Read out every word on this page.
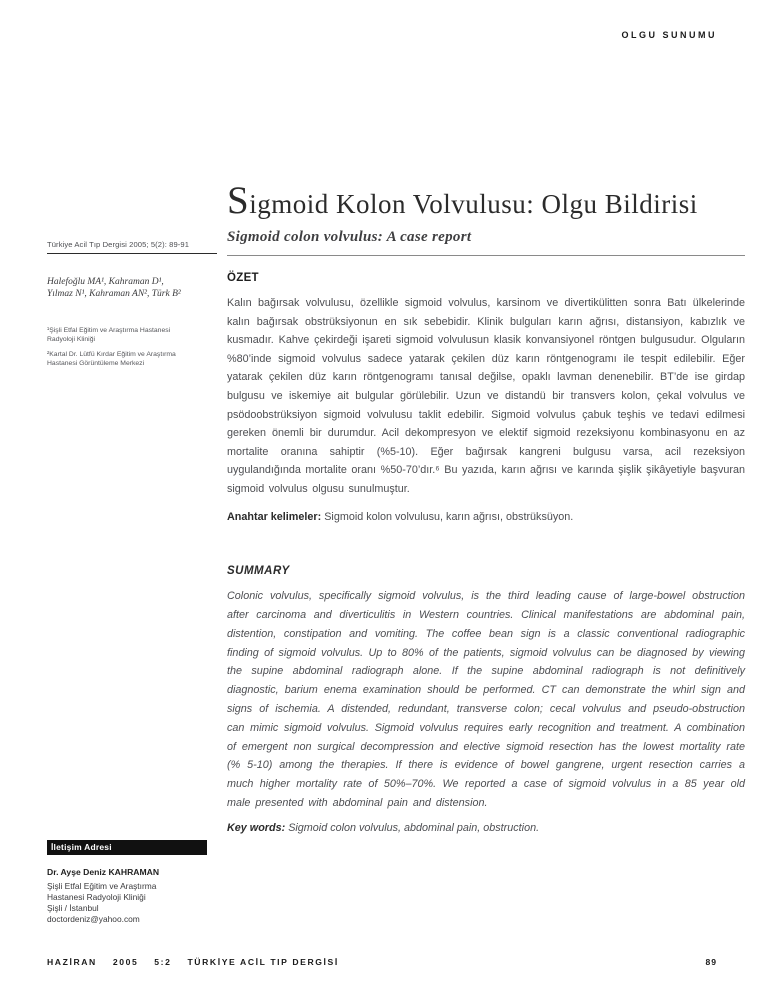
OLGU SUNUMU
Sigmoid Kolon Volvulusu: Olgu Bildirisi
Sigmoid colon volvulus: A case report
Türkiye Acil Tıp Dergisi 2005; 5(2): 89-91
Halefoğlu MA¹, Kahraman D¹,
Yılmaz N¹, Kahraman AN², Türk B²
¹Şişli Etfal Eğitim ve Araştırma Hastanesi
Radyoloji Kliniği
²Kartal Dr. Lütfü Kırdar Eğitim ve Araştırma
Hastanesi Görüntüleme Merkezi
ÖZET

Kalın bağırsak volvulusu, özellikle sigmoid volvulus, karsinom ve divertikülitten sonra Batı ülkelerinde kalın bağırsak obstrüksiyonun en sık sebebidir. Klinik bulguları karın ağrısı, distansiyon, kabızlık ve kusmadır. Kahve çekirdeği işareti sigmoid volvulusun klasik konvansiyonel röntgen bulgusudur. Olguların %80’inde sigmoid volvulus sadece yatarak çekilen düz karın röntgenogramı ile tespit edilebilir. Eğer yatarak çekilen düz karın röntgenogramı tanısal değilse, opaklı lavman denenebilir. BT’de ise girdap bulgusu ve iskemiye ait bulgular görülebilir. Uzun ve distandü bir transvers kolon, çekal volvulus ve psödoobstrüksiyon sigmoid volvulusu taklit edebilir. Sigmoid volvulus çabuk teşhis ve tedavi edilmesi gereken önemli bir durumdur. Acil dekompresyon ve elektif sigmoid rezeksiyonu kombinasyonu en az mortalite oranına sahiptir (%5-10). Eğer bağırsak kangreni bulgusu varsa, acil rezeksiyon uygulandığında mortalite oranı %50-70’dır.⁶ Bu yazıda, karın ağrısı ve karında şişlik şikâyetiyle başvuran sigmoid volvulus olgusu sunulmuştur.

Anahtar kelimeler: Sigmoid kolon volvulusu, karın ağrısı, obstrüksüyon.
SUMMARY

Colonic volvulus, specifically sigmoid volvulus, is the third leading cause of large-bowel obstruction after carcinoma and diverticulitis in Western countries. Clinical manifestations are abdominal pain, distention, constipation and vomiting. The coffee bean sign is a classic conventional radiographic finding of sigmoid volvulus. Up to 80% of the patients, sigmoid volvulus can be diagnosed by viewing the supine abdominal radiograph alone. If the supine abdominal radiograph is not definitively diagnostic, barium enema examination should be performed. CT can demonstrate the whirl sign and signs of ischemia. A distended, redundant, transverse colon; cecal volvulus and pseudo-obstruction can mimic sigmoid volvulus. Sigmoid volvulus requires early recognition and treatment. A combination of emergent non surgical decompression and elective sigmoid resection has the lowest mortality rate (% 5-10) among the therapies. If there is evidence of bowel gangrene, urgent resection carries a much higher mortality rate of 50%–70%. We reported a case of sigmoid volvulus in a 85 year old male presented with abdominal pain and distension.

Key words: Sigmoid colon volvulus, abdominal pain, obstruction.
İletişim Adresi
Dr. Ayşe Deniz KAHRAMAN
Şişli Etfal Eğitim ve Araştırma
Hastanesi Radyoloji Kliniği
Şişli / İstanbul
doctordeniz@yahoo.com
HAZİRAN    2005    5:2    TÜRKİYE ACİL TIP DERGİSİ	89
